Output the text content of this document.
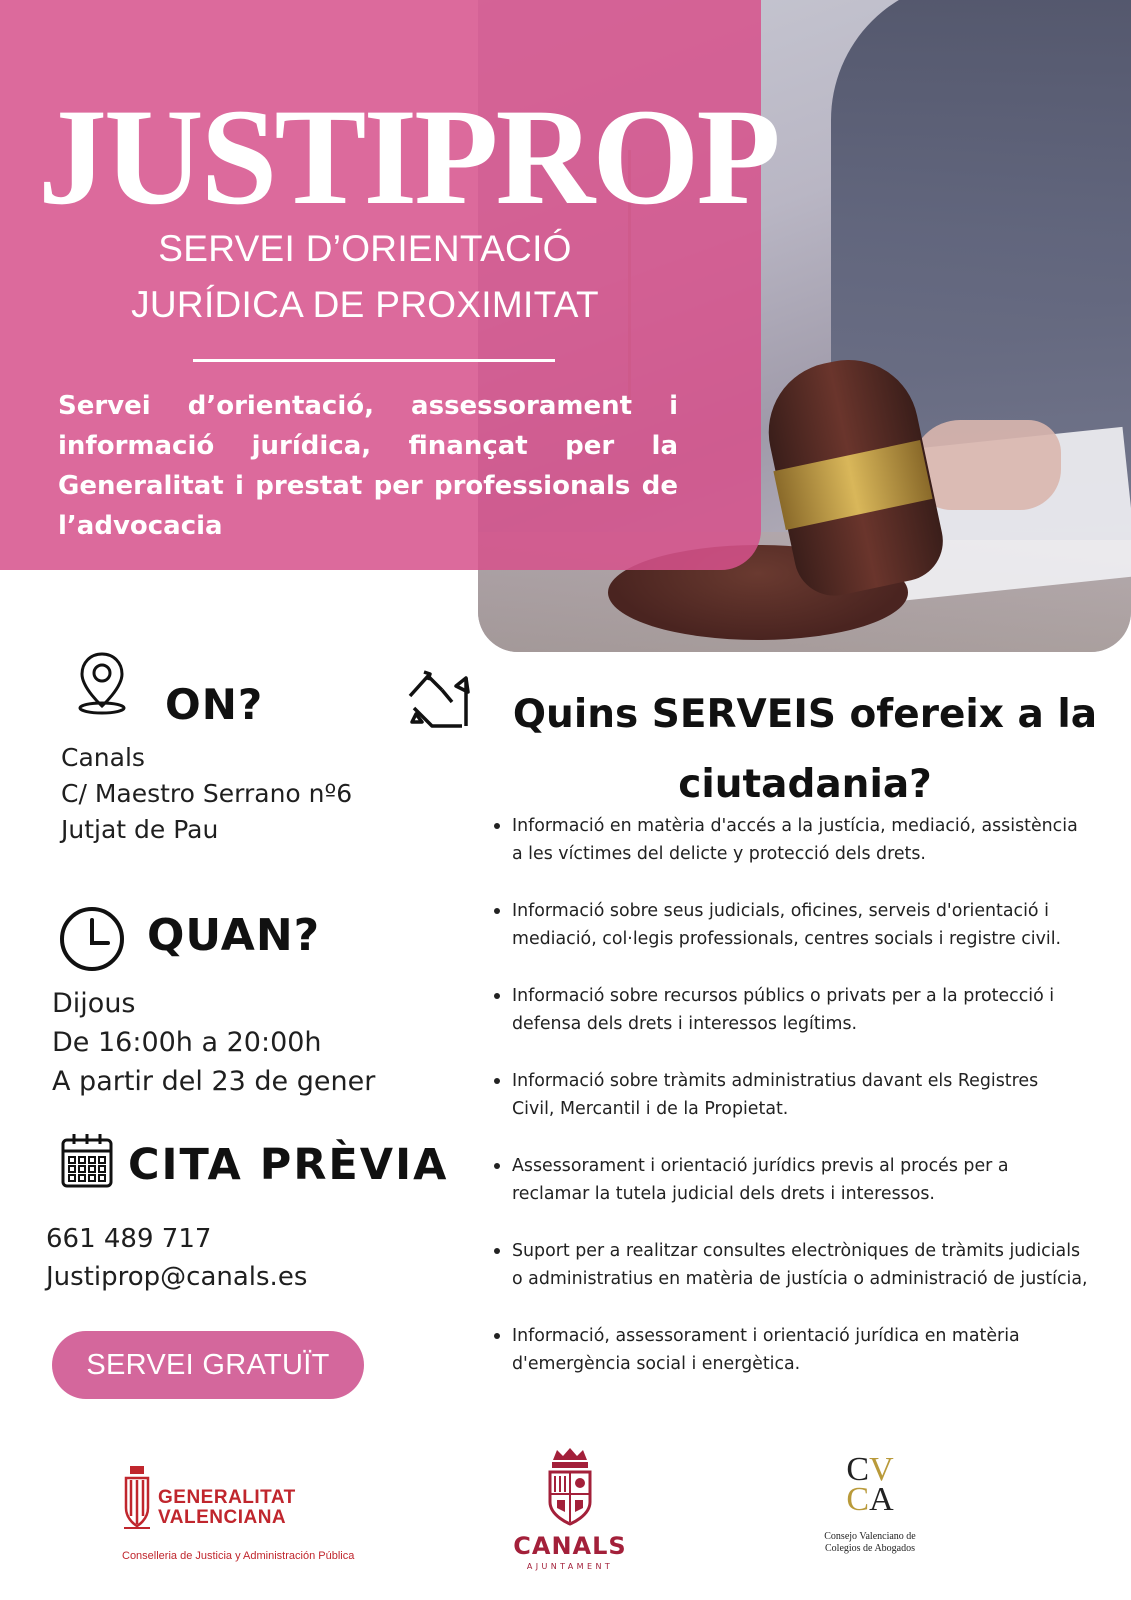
JUSTIPROP
SERVEI D’ORIENTACIÓ
JURÍDICA DE PROXIMITAT
Servei d’orientació, assessorament i informació jurídica, finançat per la Generalitat i prestat per professionals de l’advocacia
ON?
Canals
C/ Maestro Serrano nº6
Jutjat de Pau
QUAN?
Dijous
De 16:00h a 20:00h
A partir del 23 de gener
CITA PRÈVIA
661 489 717
Justiprop@canals.es
SERVEI GRATUÏT
Quins SERVEIS ofereix a la
ciutadania?
Informació en matèria d'accés a la justícia, mediació, assistència
a les víctimes del delicte y protecció dels drets.
Informació sobre seus judicials, oficines, serveis d'orientació i
mediació, col·legis professionals, centres socials i registre civil.
Informació sobre recursos públics o privats per a la protecció i
defensa dels drets i interessos legítims.
Informació sobre tràmits administratius davant els Registres
Civil, Mercantil i de la Propietat.
Assessorament i orientació jurídics previs al procés per a
reclamar la tutela judicial dels drets i interessos.
Suport per a realitzar consultes electròniques de tràmits judicials
o administratius en matèria de justícia o administració de justícia,
Informació, assessorament i orientació jurídica en matèria
d'emergència social i energètica.
GENERALITAT
VALENCIANA
Conselleria de Justicia y Administración Pública	CANALS
AJUNTAMENT
CV
CA
Consejo Valenciano de
Colegios de Abogados
